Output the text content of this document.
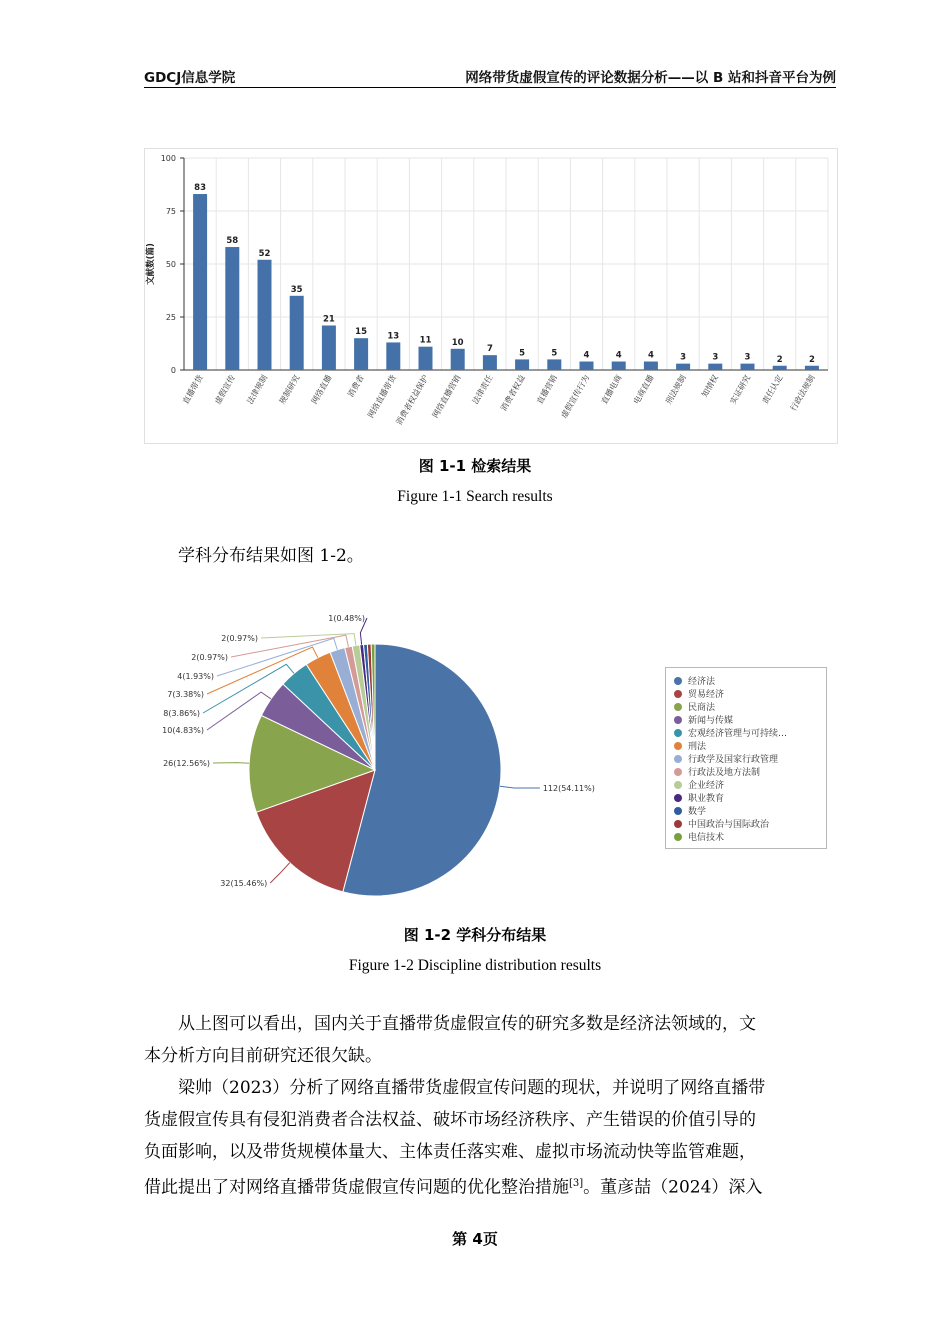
GDCJ信息学院	网络带货虚假宣传的评论数据分析——以 B 站和抖音平台为例
0
25
50
75
100
文献数(篇)
83
直播带货
58
虚假宣传
52
法律规制
35
规制研究
21
网络直播
15
消费者
13
网络直播带货
11
消费者权益保护
10
网络直播营销
7
法律责任
5
消费者权益
5
直播营销
4
虚假宣传行为
4
直播电商
4
电商直播
3
刑法规制
3
知情权
3
实证研究
2
责任认定
2
行政法规制
图 1-1 检索结果
Figure 1-1 Search results
学科分布结果如图 1-2。
112(54.11%)
32(15.46%)
26(12.56%)
10(4.83%)
8(3.86%)
7(3.38%)
4(1.93%)
2(0.97%)
2(0.97%)
1(0.48%)
经济法
贸易经济
民商法
新闻与传媒
宏观经济管理与可持续…
刑法
行政学及国家行政管理
行政法及地方法制
企业经济
职业教育
数学
中国政治与国际政治
电信技术
图 1-2 学科分布结果
Figure 1-2 Discipline distribution results
从上图可以看出，国内关于直播带货虚假宣传的研究多数是经济法领域的，文
本分析方向目前研究还很欠缺。
梁帅（2023）分析了网络直播带货虚假宣传问题的现状，并说明了网络直播带
货虚假宣传具有侵犯消费者合法权益、破坏市场经济秩序、产生错误的价值引导的
负面影响，以及带货规模体量大、主体责任落实难、虚拟市场流动快等监管难题，
借此提出了对网络直播带货虚假宣传问题的优化整治措施[3]。董彦喆（2024）深入
第 4页
